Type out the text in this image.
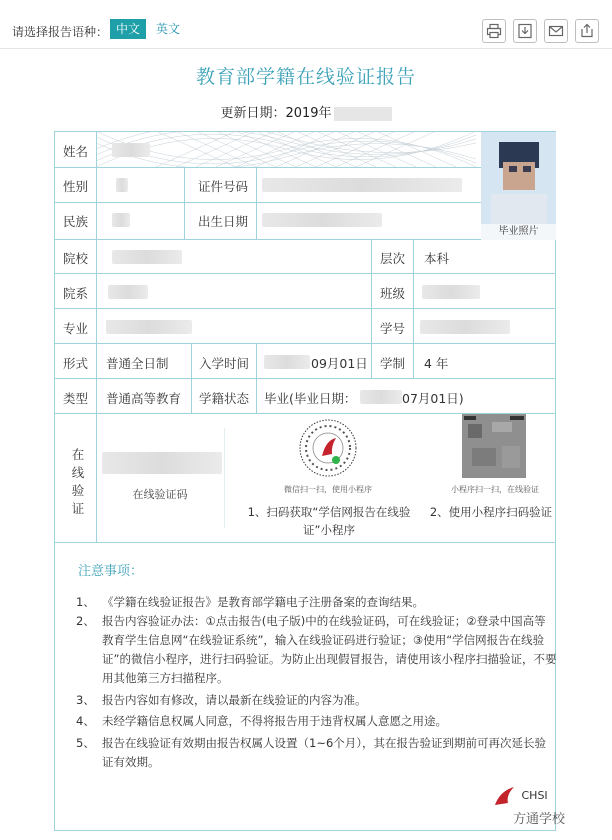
请选择报告语种： 中文	英文
教育部学籍在线验证报告
更新日期：2019年
姓名
性别	证件号码
民族	出生日期
毕业照片
院校	层次 本科
院系	班级
专业	学号
形式 普通全日制 入学时间	09月01日 学制 4 年
类型 普通高等教育 学籍状态 毕业(毕业日期：	07月01日)
在线验证
在线验证码	微信扫一扫，使用小程序
1、扫码获取“学信网报告在线验证”小程序
小程序扫一扫，在线验证
2、使用小程序扫码验证
注意事项：
1、 《学籍在线验证报告》是教育部学籍电子注册备案的查询结果。
2、 报告内容验证办法：①点击报告(电子版)中的在线验证码，可在线验证；②登录中国高等教育学生信息网“在线验证系统”，输入在线验证码进行验证；③使用“学信网报告在线验证”的微信小程序，进行扫码验证。为防止出现假冒报告，请使用该小程序扫描验证，不要用其他第三方扫描程序。
3、 报告内容如有修改，请以最新在线验证的内容为准。
4、 未经学籍信息权属人同意，不得将报告用于违背权属人意愿之用途。
5、 报告在线验证有效期由报告权属人设置（1~6个月），其在报告验证到期前可再次延长验证有效期。
CHSI
方通学校
